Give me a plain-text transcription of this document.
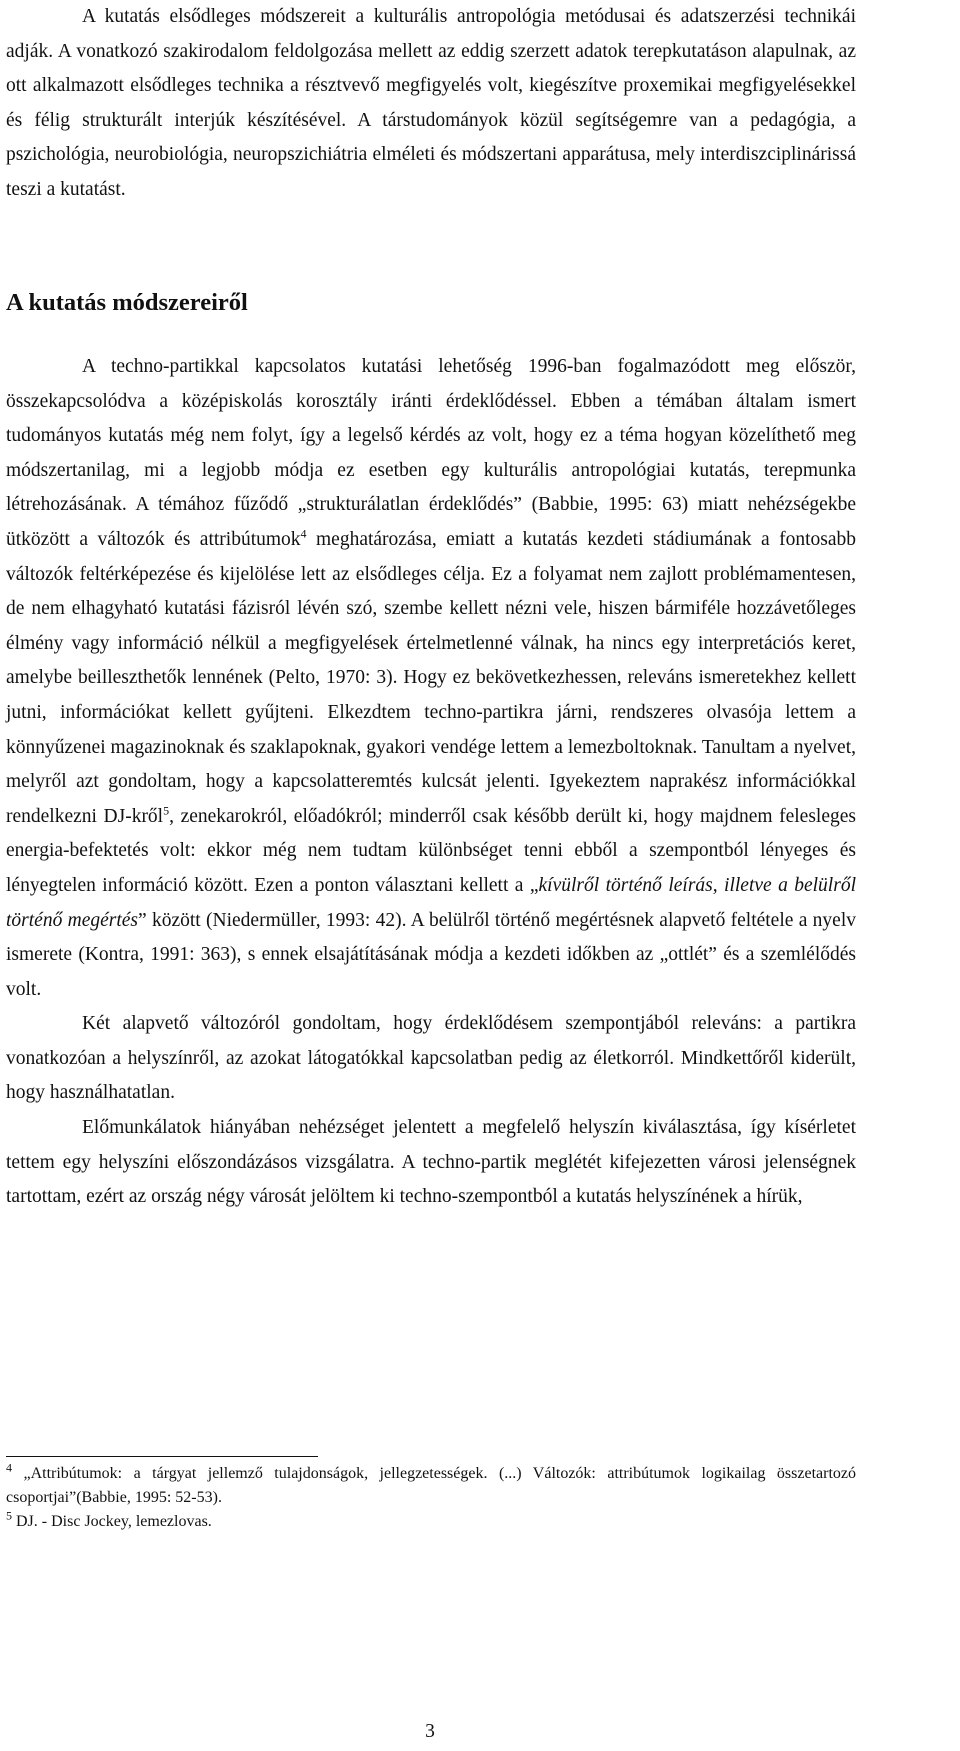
A kutatás elsődleges módszereit a kulturális antropológia metódusai és adatszerzési technikái adják. A vonatkozó szakirodalom feldolgozása mellett az eddig szerzett adatok terepkutatáson alapulnak, az ott alkalmazott elsődleges technika a résztvevő megfigyelés volt, kiegészítve proxemikai megfigyelésekkel és félig strukturált interjúk készítésével. A társtudományok közül segítségemre van a pedagógia, a pszichológia, neurobiológia, neuropszichiátria elméleti és módszertani apparátusa, mely interdiszciplinárissá teszi a kutatást.

A kutatás módszereiről

A techno-partikkal kapcsolatos kutatási lehetőség 1996-ban fogalmazódott meg először, összekapcsolódva a középiskolás korosztály iránti érdeklődéssel. Ebben a témában általam ismert tudományos kutatás még nem folyt, így a legelső kérdés az volt, hogy ez a téma hogyan közelíthető meg módszertanilag, mi a legjobb módja ez esetben egy kulturális antropológiai kutatás, terepmunka létrehozásának. A témához fűződő „strukturálatlan érdeklődés” (Babbie, 1995: 63) miatt nehézségekbe ütközött a változók és attribútumok$^4$ meghatározása, emiatt a kutatás kezdeti stádiumának a fontosabb változók feltérképezése és kijelölése lett az elsődleges célja. Ez a folyamat nem zajlott problémamentesen, de nem elhagyható kutatási fázisról lévén szó, szembe kellett nézni vele, hiszen bármiféle hozzávetőleges élmény vagy információ nélkül a megfigyelések értelmetlenné válnak, ha nincs egy interpretációs keret, amelybe beilleszthetők lennének (Pelto, 1970: 3). Hogy ez bekövetkezhessen, releváns ismeretekhez kellett jutni, információkat kellett gyűjteni. Elkezdtem techno-partikra járni, rendszeres olvasója lettem a könnyűzenei magazinoknak és szaklapoknak, gyakori vendége lettem a lemezboltoknak. Tanultam a nyelvet, melyről azt gondoltam, hogy a kapcsolatteremtés kulcsát jelenti. Igyekeztem naprakész információkkal rendelkezni DJ-kről$^5$, zenekarokról, előadókról; minderről csak később derült ki, hogy majdnem felesleges energia-befektetés volt: ekkor még nem tudtam különbséget tenni ebből a szempontból lényeges és lényegtelen információ között. Ezen a ponton választani kellett a „kívülről történő leírás, illetve a belülről történő megértés” között (Niedermüller, 1993: 42). A belülről történő megértésnek alapvető feltétele a nyelv ismerete (Kontra, 1991: 363), s ennek elsajátításának módja a kezdeti időkben az „ottlét” és a szemlélődés volt.

Két alapvető változóról gondoltam, hogy érdeklődésem szempontjából releváns: a partikra vonatkozóan a helyszínről, az azokat látogatókkal kapcsolatban pedig az életkorról. Mindkettőről kiderült, hogy használhatatlan.

Előmunkálatok hiányában nehézséget jelentett a megfelelő helyszín kiválasztása, így kísérletet tettem egy helyszíni előszondázásos vizsgálatra. A techno-partik meglétét kifejezetten városi jelenségnek tartottam, ezért az ország négy városát jelöltem ki techno-szempontból a kutatás helyszínének a hírük,

$^4$ „Attribútumok: a tárgyat jellemző tulajdonságok, jellegzetességek. (...) Változók: attribútumok logikailag összetartozó csoportjai”(Babbie, 1995: 52-53).

$^5$ DJ. - Disc Jockey, lemezlovas.

3
